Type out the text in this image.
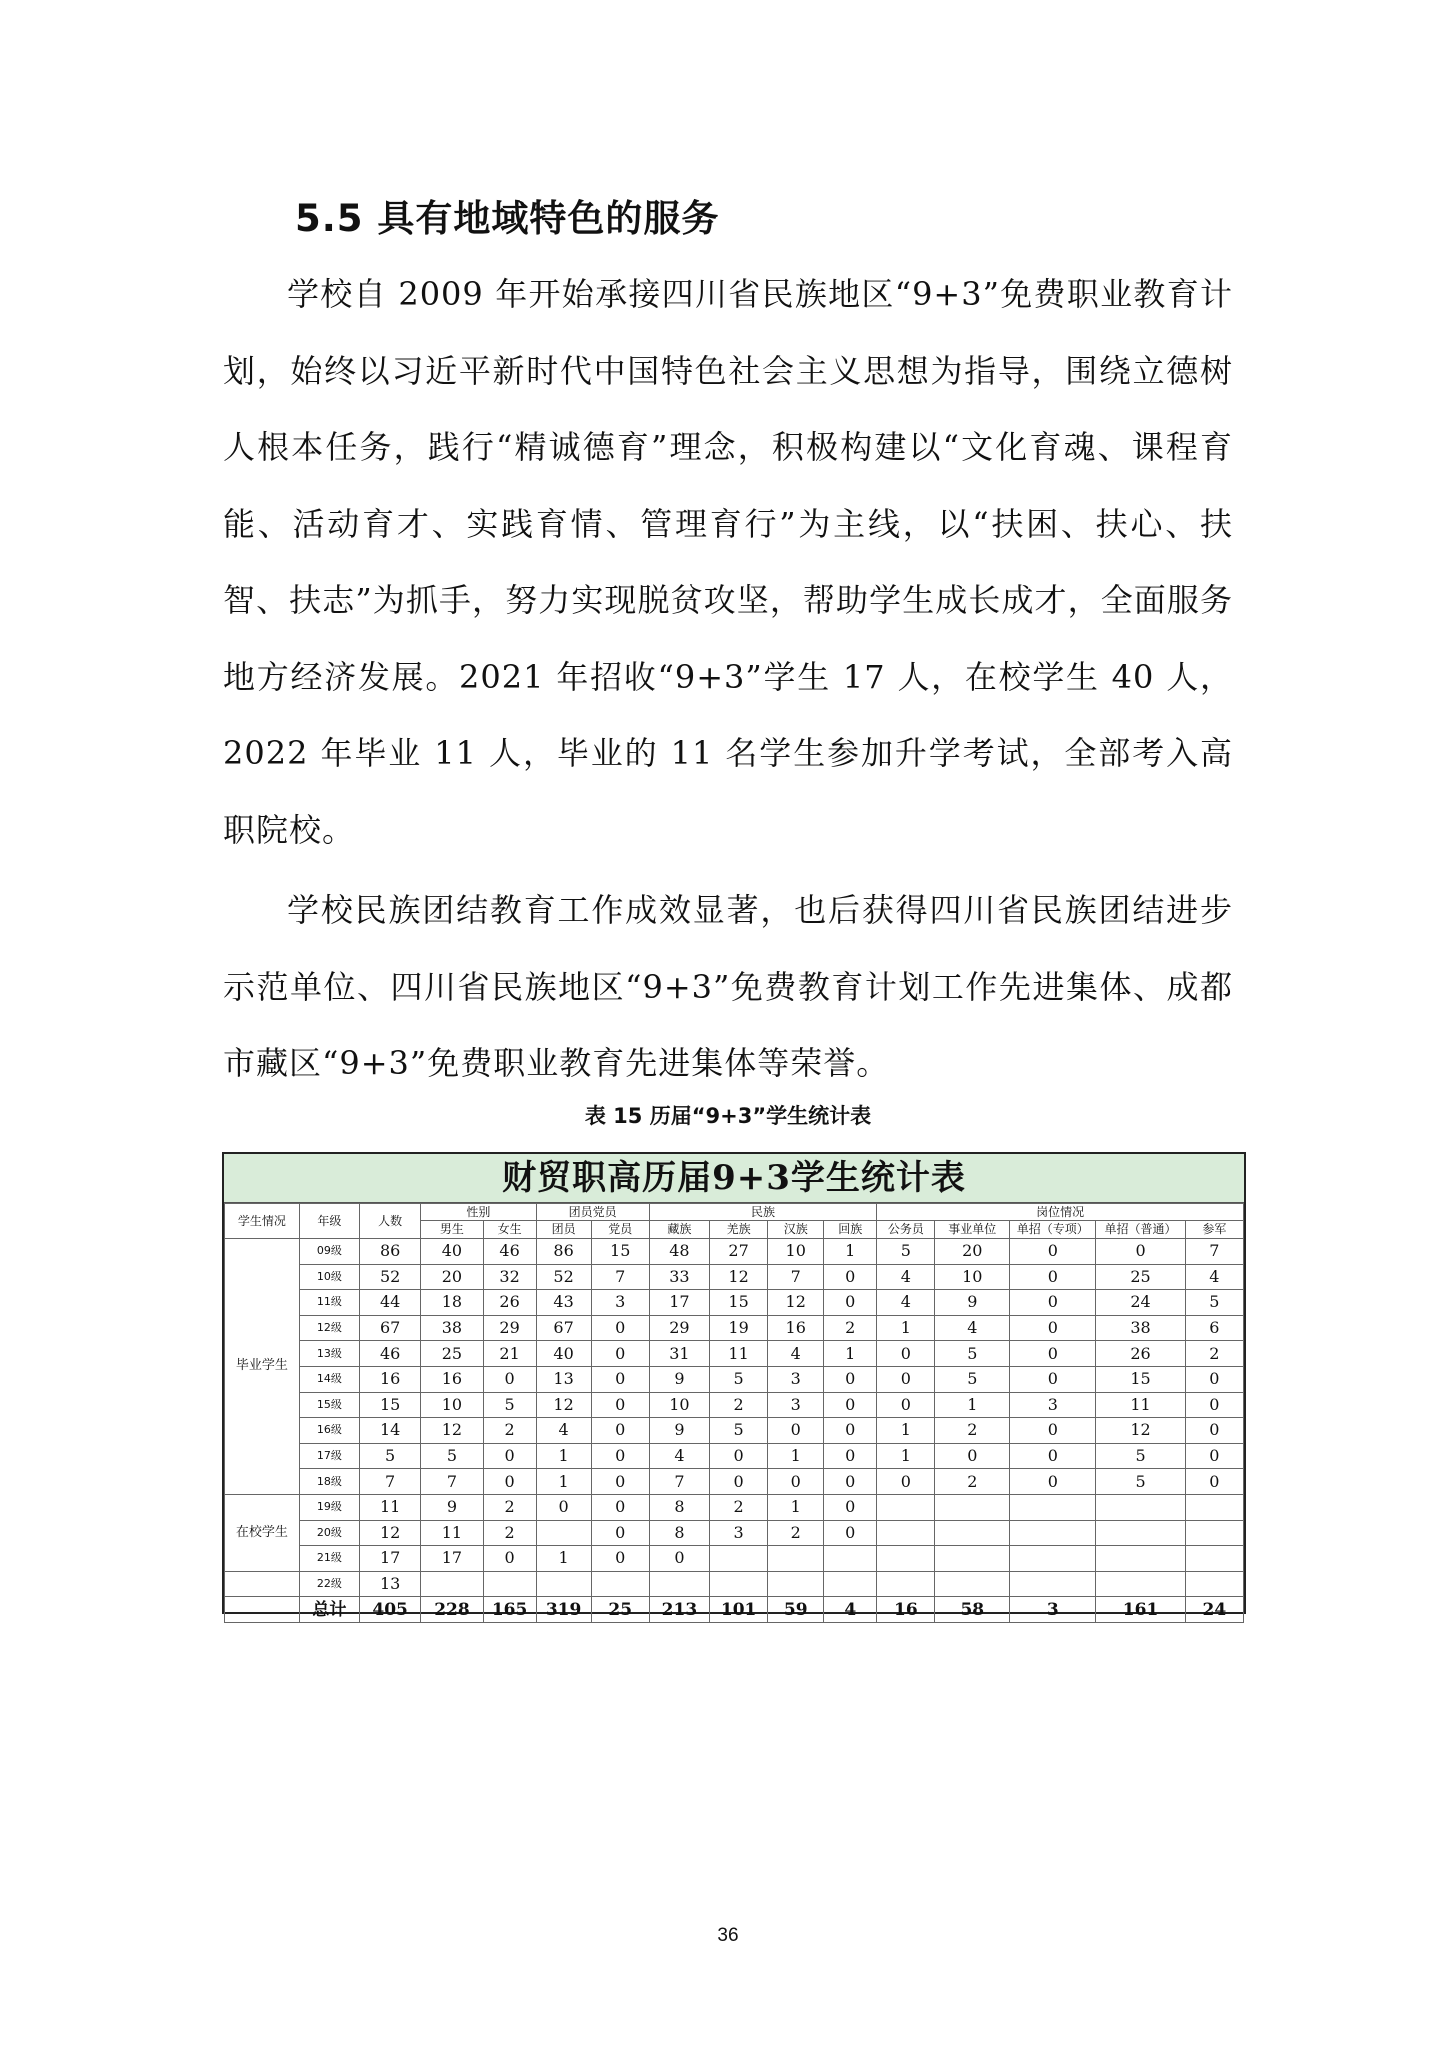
5.5 具有地域特色的服务

学校自 2009 年开始承接四川省民族地区“9+3”免费职业教育计划，始终以习近平新时代中国特色社会主义思想为指导，围绕立德树人根本任务，践行“精诚德育”理念，积极构建以“文化育魂、课程育能、活动育才、实践育情、管理育行”为主线，以“扶困、扶心、扶智、扶志”为抓手，努力实现脱贫攻坚，帮助学生成长成才，全面服务地方经济发展。2021 年招收“9+3”学生 17 人，在校学生 40 人，2022 年毕业 11 人，毕业的 11 名学生参加升学考试，全部考入高职院校。

学校民族团结教育工作成效显著，也后获得四川省民族团结进步示范单位、四川省民族地区“9+3”免费教育计划工作先进集体、成都市藏区“9+3”免费职业教育先进集体等荣誉。

表 15 历届“9+3”学生统计表
财贸职高历届9+3学生统计表
学生情况	年级	人数	性别		团员党员		民族				岗位情况				
			男生	女生	团员	党员	藏族	羌族	汉族	回族	公务员	事业单位	单招（专项）	单招（普通）	参军
毕业学生	09级	86	40	46	86	15	48	27	10	1	5	20	0	0	7
	10级	52	20	32	52	7	33	12	7	0	4	10	0	25	4
	11级	44	18	26	43	3	17	15	12	0	4	9	0	24	5
	12级	67	38	29	67	0	29	19	16	2	1	4	0	38	6
	13级	46	25	21	40	0	31	11	4	1	0	5	0	26	2
	14级	16	16	0	13	0	9	5	3	0	0	5	0	15	0
	15级	15	10	5	12	0	10	2	3	0	0	1	3	11	0
	16级	14	12	2	4	0	9	5	0	0	1	2	0	12	0
	17级	5	5	0	1	0	4	0	1	0	1	0	0	5	0
	18级	7	7	0	1	0	7	0	0	0	0	2	0	5	0
在校学生	19级	11	9	2	0	0	8	2	1	0					
	20级	12	11	2		0	8	3	2	0					
	21级	17	17	0	1	0	0								
	22级	13													
	总计	405	228	165	319	25	213	101	59	4	16	58	3	161	24
36
